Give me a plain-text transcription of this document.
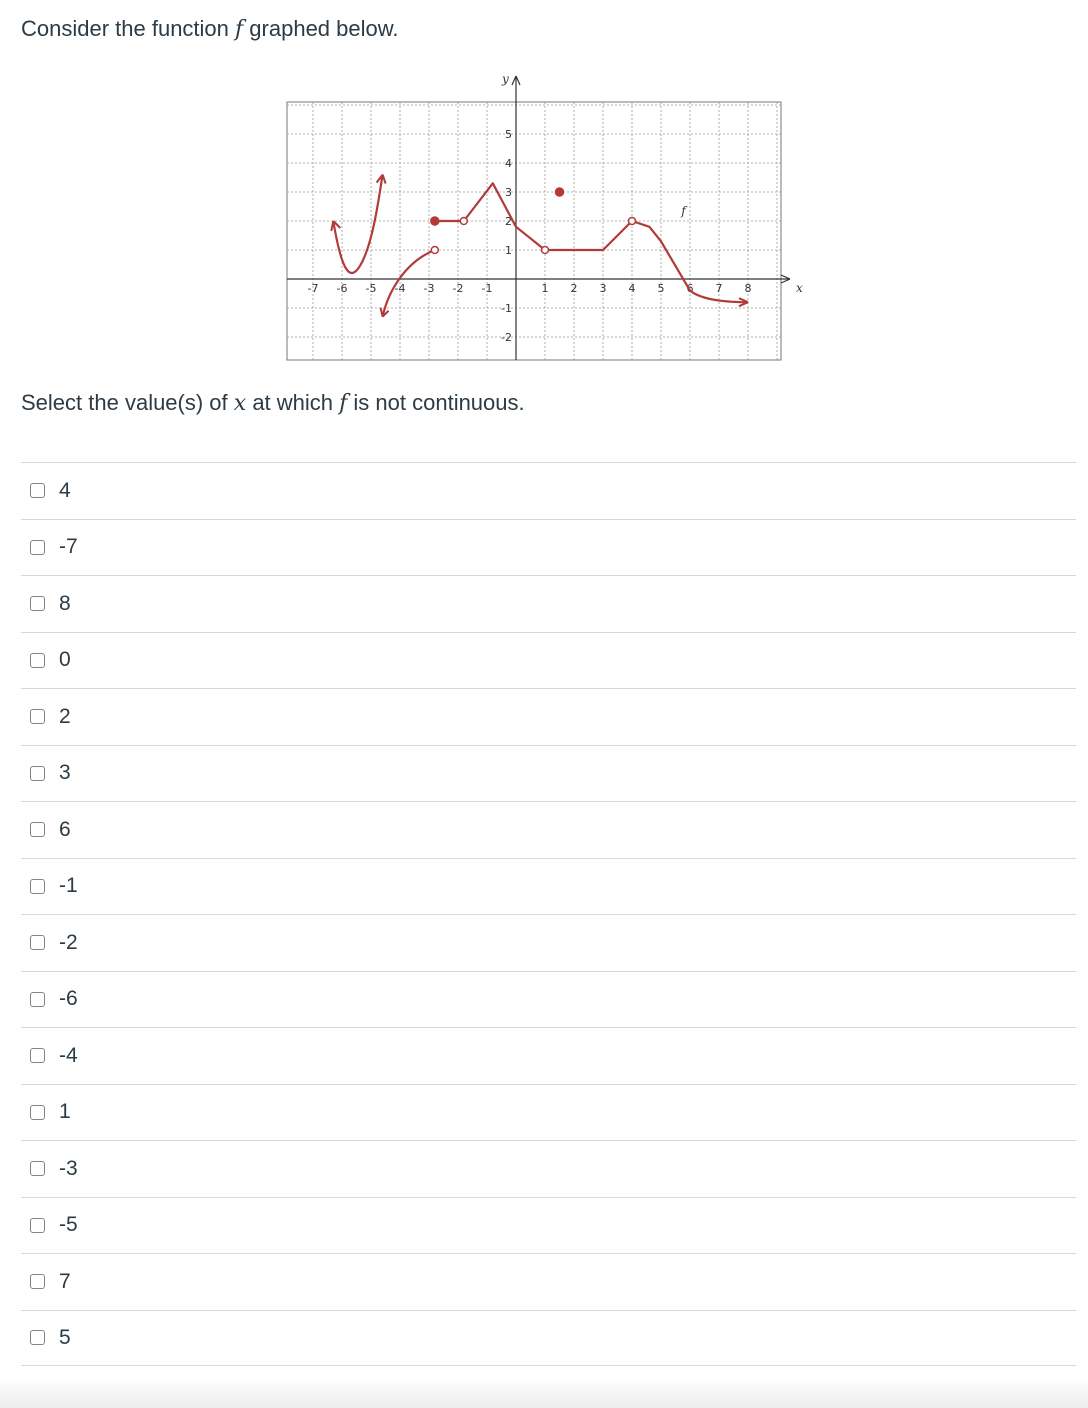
Consider the function f graphed below.
y
x
-7 -6 -5 -4 -3 -2 -1	1 2 3 4 5 6 7 8
5
4
3
2
1
-1
-2
f
Select the value(s) of x at which f is not continuous.
4
-7
8
0
2
3
6
-1
-2
-6
-4
1
-3
-5
7
5
